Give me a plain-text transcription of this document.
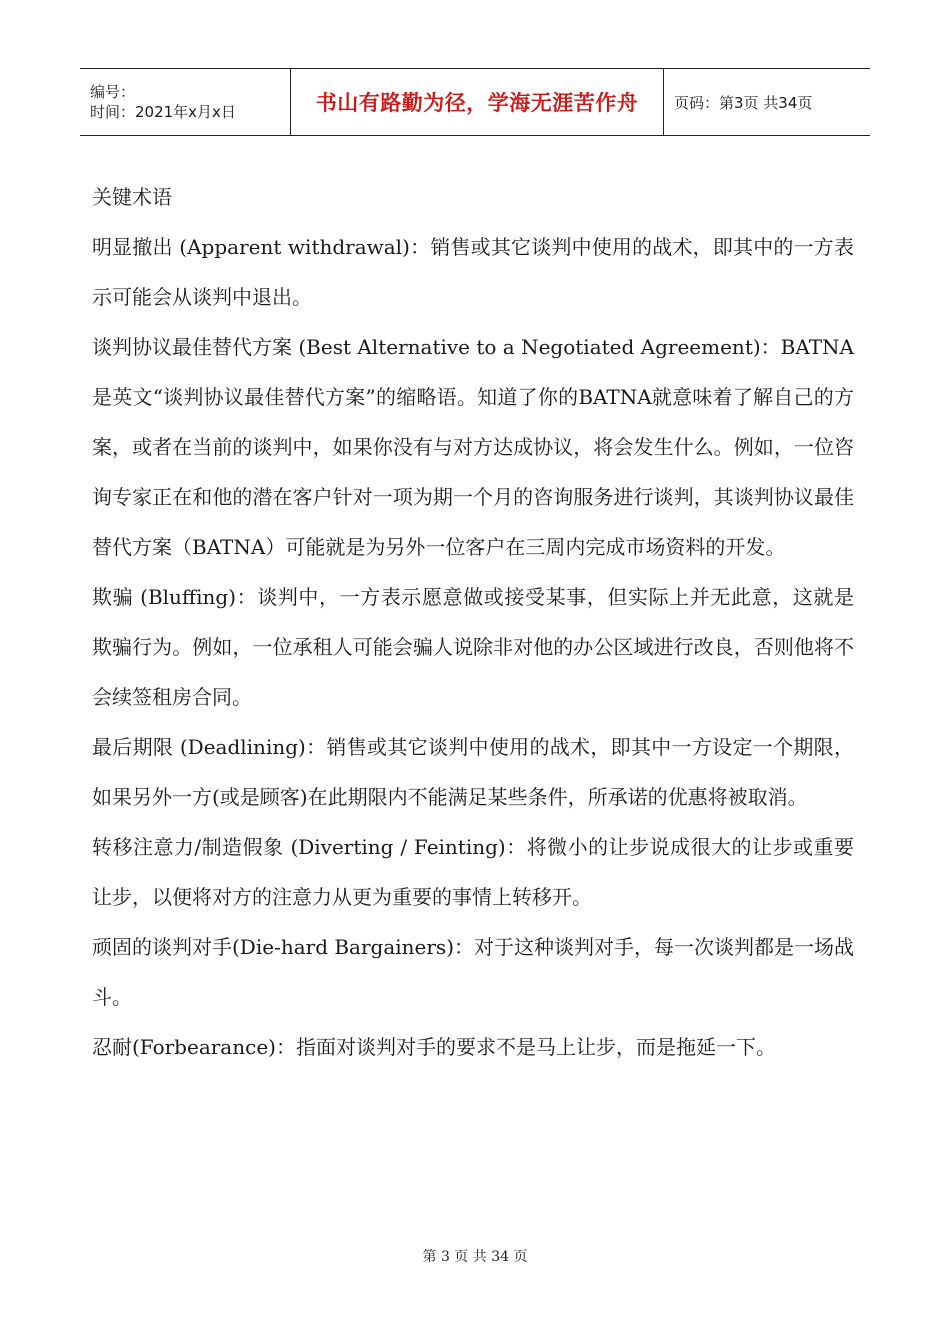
编号：
时间：2021年x月x日	书山有路勤为径，学海无涯苦作舟	页码：第3页 共34页

关键术语

明显撤出 (Apparent withdrawal)：销售或其它谈判中使用的战术，即其中的一方表示可能会从谈判中退出。

谈判协议最佳替代方案 (Best Alternative to a Negotiated Agreement)：BATNA是英文“谈判协议最佳替代方案”的缩略语。知道了你的BATNA就意味着了解自己的方案，或者在当前的谈判中，如果你没有与对方达成协议，将会发生什么。例如，一位咨询专家正在和他的潜在客户针对一项为期一个月的咨询服务进行谈判，其谈判协议最佳替代方案（BATNA）可能就是为另外一位客户在三周内完成市场资料的开发。

欺骗 (Bluffing)：谈判中，一方表示愿意做或接受某事，但实际上并无此意，这就是欺骗行为。例如，一位承租人可能会骗人说除非对他的办公区域进行改良，否则他将不会续签租房合同。

最后期限 (Deadlining)：销售或其它谈判中使用的战术，即其中一方设定一个期限，如果另外一方(或是顾客)在此期限内不能满足某些条件，所承诺的优惠将被取消。

转移注意力/制造假象 (Diverting / Feinting)：将微小的让步说成很大的让步或重要让步，以便将对方的注意力从更为重要的事情上转移开。

顽固的谈判对手(Die-hard Bargainers)：对于这种谈判对手，每一次谈判都是一场战斗。

忍耐(Forbearance)：指面对谈判对手的要求不是马上让步，而是拖延一下。

第 3 页 共 34 页
